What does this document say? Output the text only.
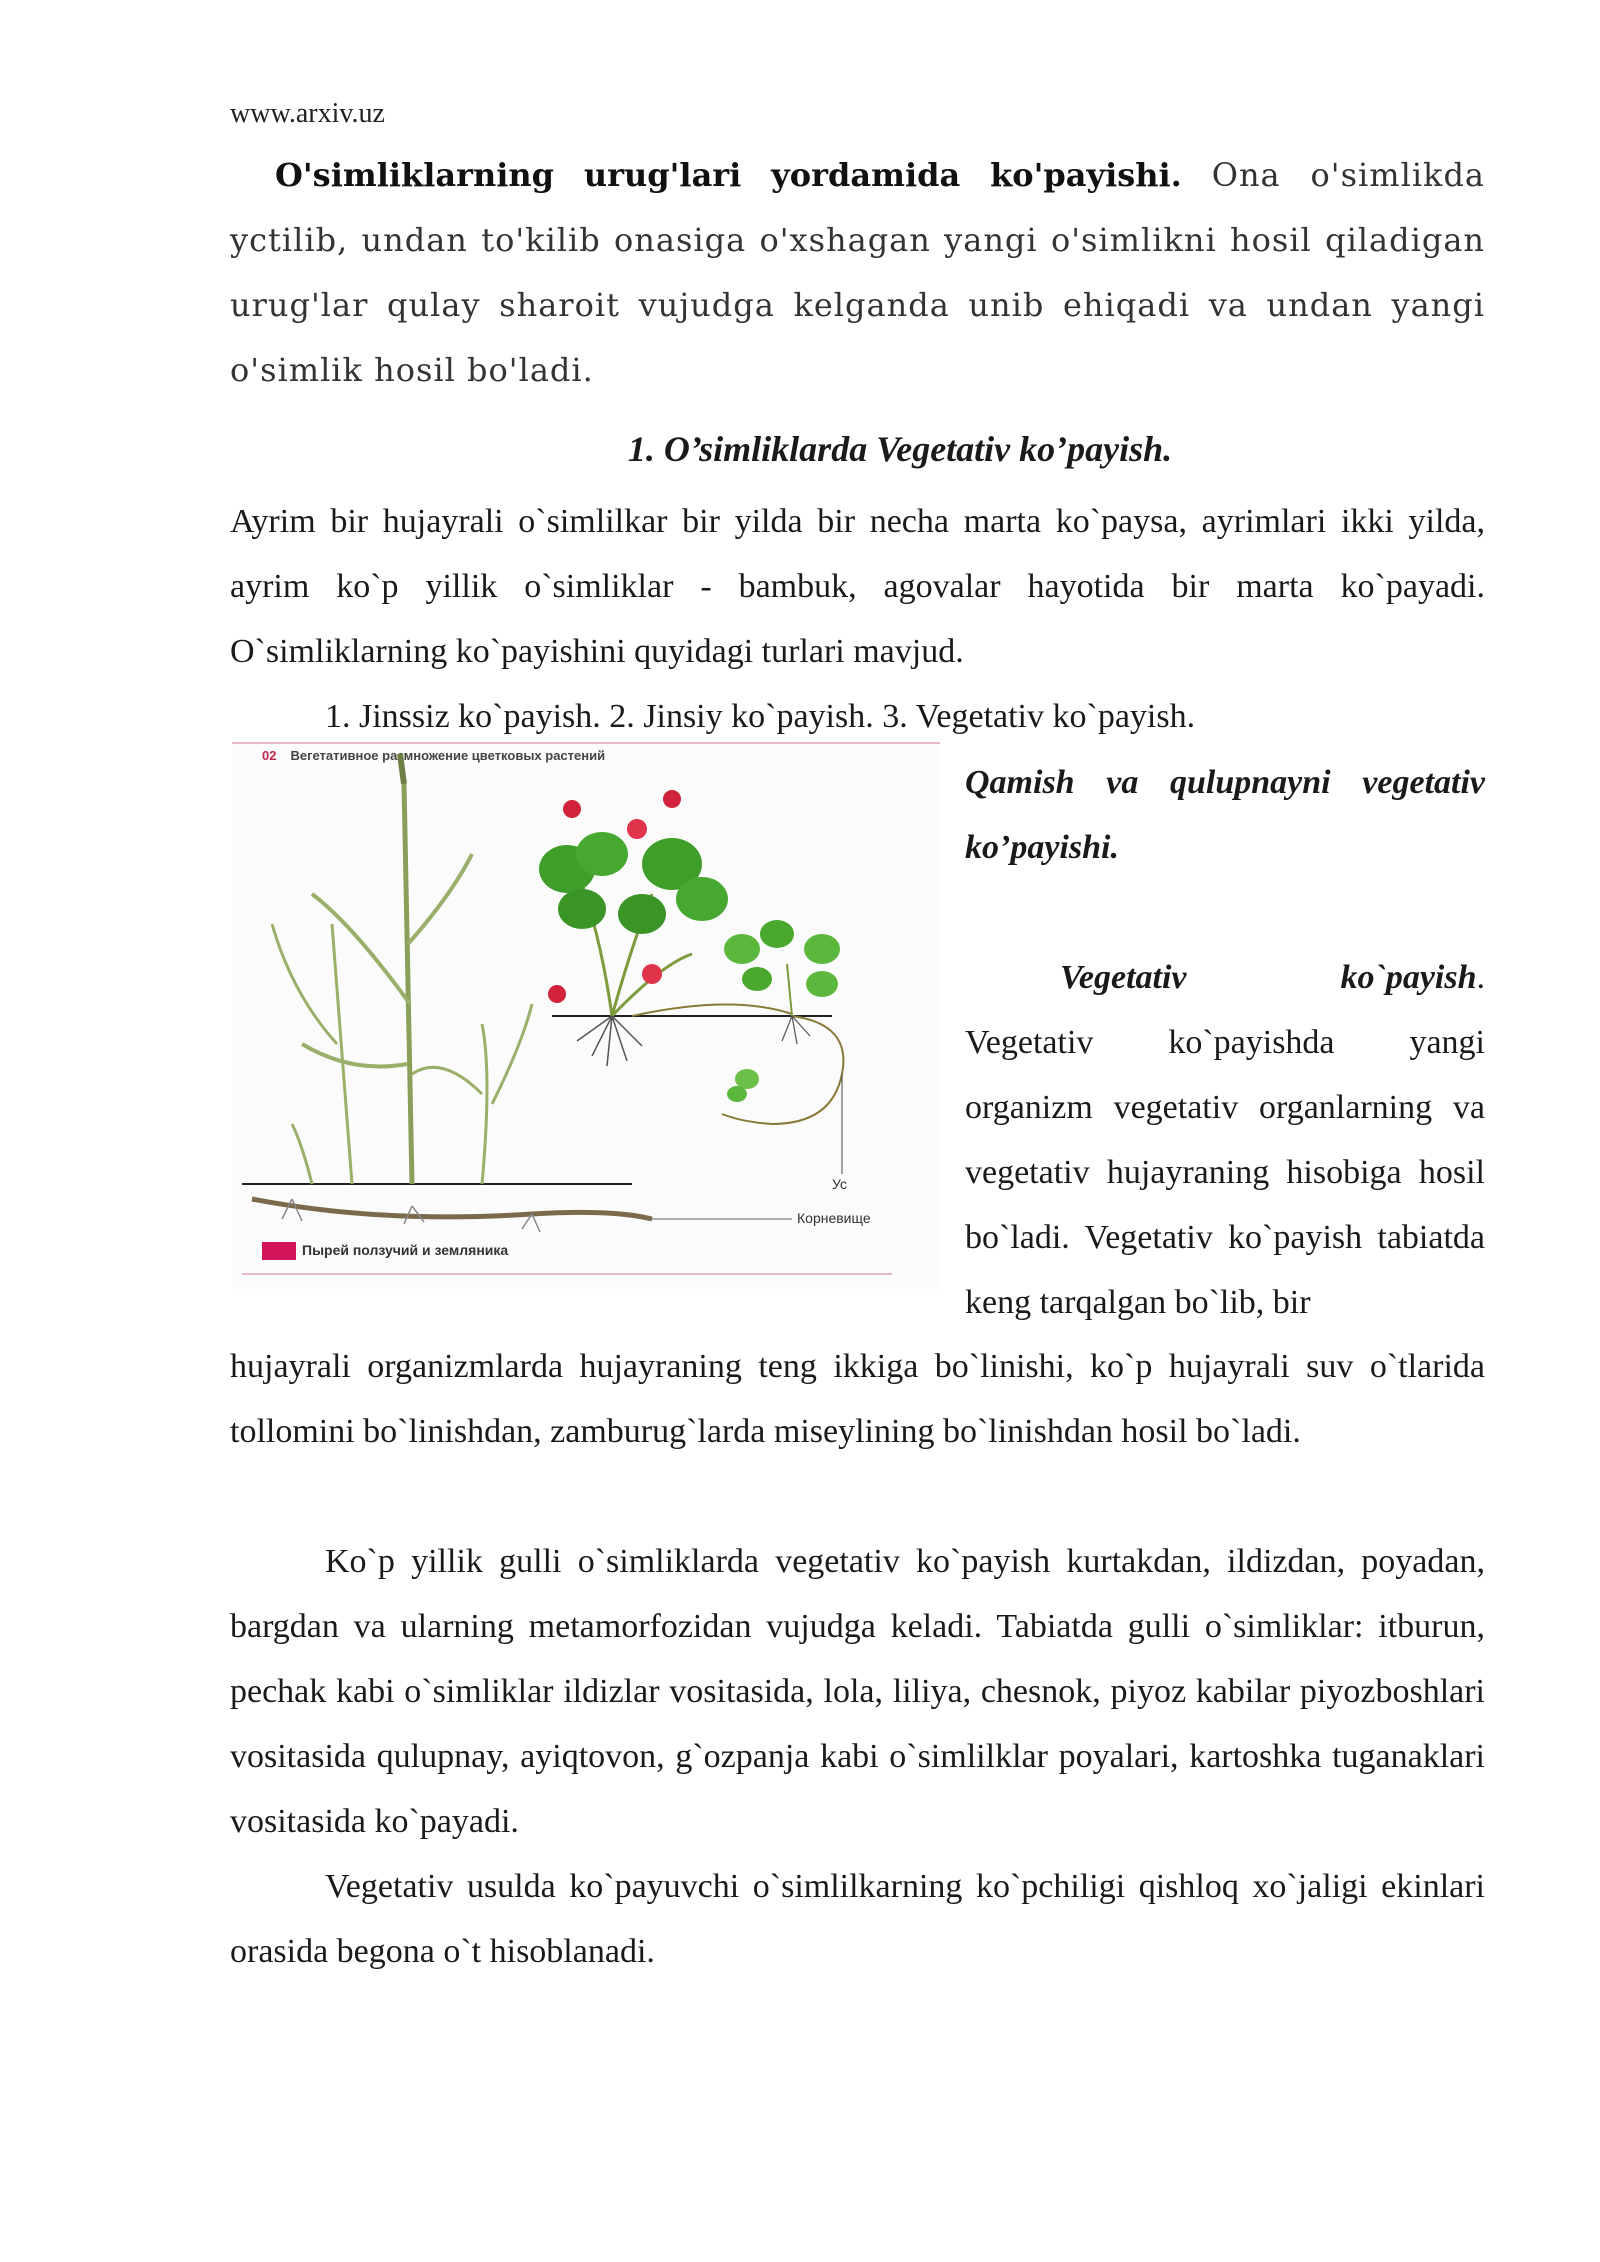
www.arxiv.uz

O'simliklarning urug'lari yordamida ko'payishi. Ona o'simlikda yctilib, undan to'kilib onasiga o'xshagan yangi o'simlikni hosil qiladigan urug'lar qulay sharoit vujudga kelganda unib ehiqadi va undan yangi o'simlik hosil bo'ladi.

1. O’simliklarda Vegetativ ko’payish.

Ayrim bir hujayrali o`simlilkar bir yilda bir necha marta ko`paysa, ayrimlari ikki yilda, ayrim ko`p yillik o`simliklar - bambuk, agovalar hayotida bir marta ko`payadi. O`simliklarning ko`payishini quyidagi turlari mavjud.

1. Jinssiz ko`payish. 2. Jinsiy ko`payish. 3. Vegetativ ko`payish.

02 Вегетативное размножение цветковых растений
Ус
Корневище
Пырей ползучий и земляника

Qamish va qulupnayni vegetativ
ko’payishi.

Vegetativ	ko`payish.
Vegetativ ko`payishda yangi organizm vegetativ organlarning va vegetativ hujayraning hisobiga hosil bo`ladi. Vegetativ ko`payish tabiatda keng tarqalgan bo`lib, bir

hujayrali organizmlarda hujayraning teng ikkiga bo`linishi, ko`p hujayrali suv o`tlarida tollomini bo`linishdan, zamburug`larda miseylining bo`linishdan hosil bo`ladi.

Ko`p yillik gulli o`simliklarda vegetativ ko`payish kurtakdan, ildizdan, poyadan, bargdan va ularning metamorfozidan vujudga keladi. Tabiatda gulli o`simliklar: itburun, pechak kabi o`simliklar ildizlar vositasida, lola, liliya, chesnok, piyoz kabilar piyozboshlari vositasida qulupnay, ayiqtovon, g`ozpanja kabi o`simlilklar poyalari, kartoshka tuganaklari vositasida ko`payadi.

Vegetativ usulda ko`payuvchi o`simlilkarning ko`pchiligi qishloq xo`jaligi ekinlari orasida begona o`t hisoblanadi.
